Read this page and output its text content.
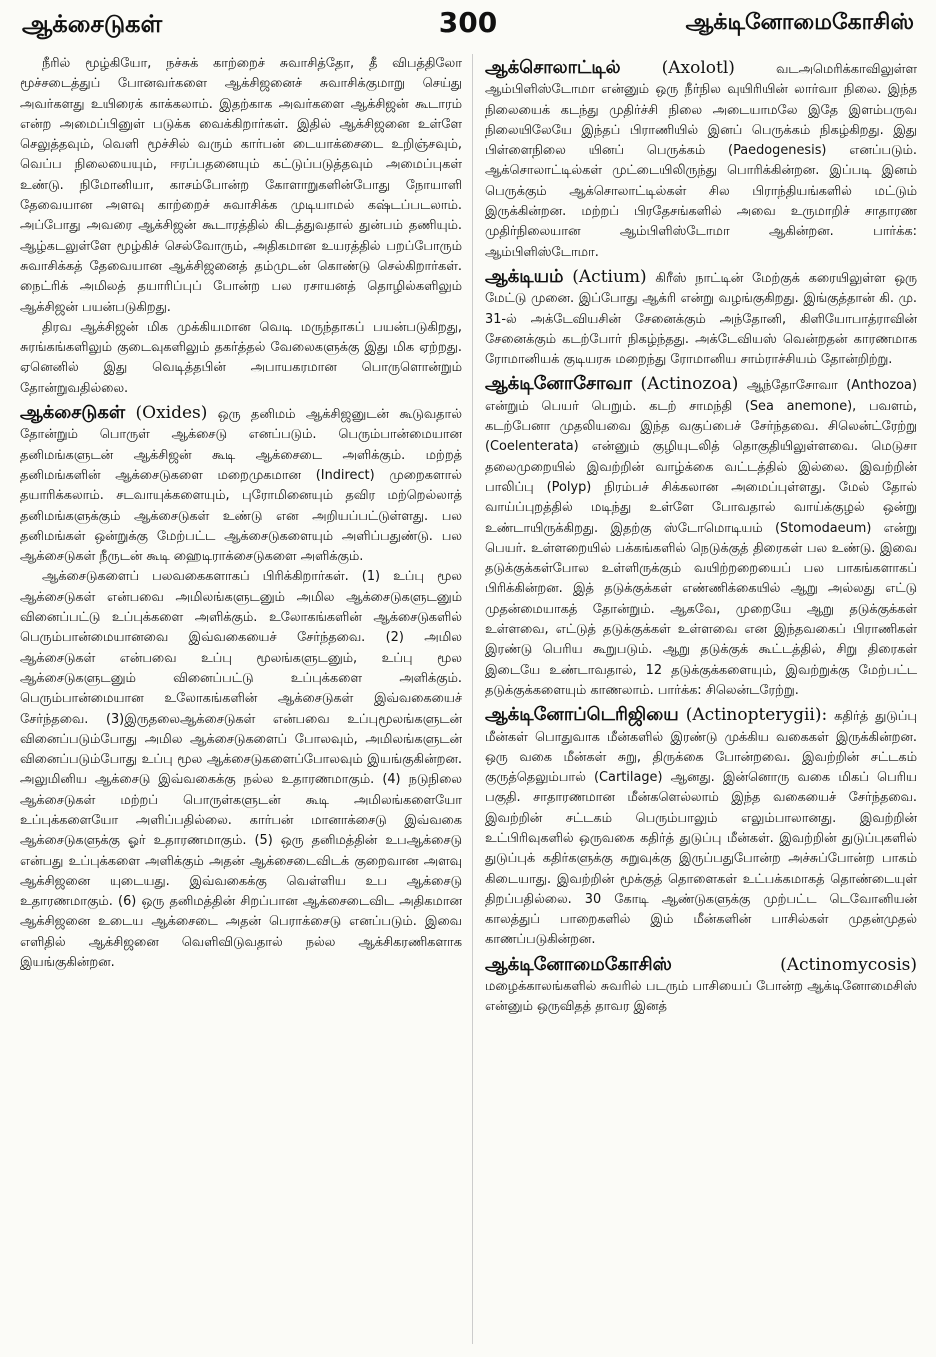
ஆக்சைடுகள்	300	ஆக்டினோமைகோசிஸ்

நீரில் மூழ்கியோ, நச்சுக் காற்றைச் சுவாசித்தோ, தீ விபத்திலோ மூச்சடைத்துப் போனவர்களை ஆக்சிஜனைச் சுவாசிக்குமாறு செய்து அவர்களது உயிரைக் காக்கலாம். இதற்காக அவர்களை ஆக்சிஜன் கூடாரம் என்ற அமைப்பினுள் படுக்க வைக்கிறார்கள். இதில் ஆக்சிஜனை உள்ளே செலுத்தவும், வெளி மூச்சில் வரும் கார்பன் டையாக்சைடை உறிஞ்சவும், வெப்ப நிலையையும், ஈரப்பதனையும் கட்டுப்படுத்தவும் அமைப்புகள் உண்டு. நிமோனியா, காசம்போன்ற கோளாறுகளின்போது நோயாளி தேவையான அளவு காற்றைச் சுவாசிக்க முடியாமல் கஷ்டப்படலாம். அப்போது அவரை ஆக்சிஜன் கூடாரத்தில் கிடத்துவதால் துன்பம் தணியும். ஆழ்கடலுள்ளே மூழ்கிச் செல்வோரும், அதிகமான உயரத்தில் பறப்போரும் சுவாசிக்கத் தேவையான ஆக்சிஜனைத் தம்முடன் கொண்டு செல்கிறார்கள். நைட்ரிக் அமிலத் தயாரிப்புப் போன்ற பல ரசாயனத் தொழில்களிலும் ஆக்சிஜன் பயன்படுகிறது.

திரவ ஆக்சிஜன் மிக முக்கியமான வெடி மருந்தாகப் பயன்படுகிறது, சுரங்கங்களிலும் குடைவுகளிலும் தகர்த்தல் வேலைகளுக்கு இது மிக ஏற்றது. ஏனெனில் இது வெடித்தபின் அபாயகரமான பொருளொன்றும் தோன்றுவதில்லை.

ஆக்சைடுகள் (Oxides) ஒரு தனிமம் ஆக்சிஜனுடன் கூடுவதால் தோன்றும் பொருள் ஆக்சைடு எனப்படும். பெரும்பான்மையான தனிமங்களுடன் ஆக்சிஜன் கூடி ஆக்சைடை அளிக்கும். மற்றத் தனிமங்களின் ஆக்சைடுகளை மறைமுகமான (Indirect) முறைகளால் தயாரிக்கலாம். சடவாயுக்களையும், புரோமினையும் தவிர மற்றெல்லாத் தனிமங்களுக்கும் ஆக்சைடுகள் உண்டு என அறியப்பட்டுள்ளது. பல தனிமங்கள் ஒன்றுக்கு மேற்பட்ட ஆக்சைடுகளையும் அளிப்பதுண்டு. பல ஆக்சைடுகள் நீருடன் கூடி ஹைடிராக்சைடுகளை அளிக்கும்.

ஆக்சைடுகளைப் பலவகைகளாகப் பிரிக்கிறார்கள். (1) உப்பு மூல ஆக்சைடுகள் என்பவை அமிலங்களுடனும் அமில ஆக்சைடுகளுடனும் வினைப்பட்டு உப்புக்களை அளிக்கும். உலோகங்களின் ஆக்சைடுகளில் பெரும்பான்மையானவை இவ்வகையைச் சேர்ந்தவை. (2) அமில ஆக்சைடுகள் என்பவை உப்பு மூலங்களுடனும், உப்பு மூல ஆக்சைடுகளுடனும் வினைப்பட்டு உப்புக்களை அளிக்கும். பெரும்பான்மையான உலோகங்களின் ஆக்சைடுகள் இவ்வகையைச் சேர்ந்தவை. (3)இருதலைஆக்சைடுகள் என்பவை உப்புமூலங்களுடன் வினைப்படும்போது அமில ஆக்சைடுகளைப் போலவும், அமிலங்களுடன் வினைப்படும்போது உப்பு மூல ஆக்சைடுகளைப்போலவும் இயங்குகின்றன. அலுமினிய ஆக்சைடு இவ்வகைக்கு நல்ல உதாரணமாகும். (4) நடுநிலை ஆக்சைடுகள் மற்றப் பொருள்களுடன் கூடி அமிலங்களையோ உப்புக்களையோ அளிப்பதில்லை. கார்பன் மானாக்சைடு இவ்வகை ஆக்சைடுகளுக்கு ஓர் உதாரணமாகும். (5) ஒரு தனிமத்தின் உபஆக்சைடு என்பது உப்புக்களை அளிக்கும் அதன் ஆக்சைடைவிடக் குறைவான அளவு ஆக்சிஜனை யுடையது. இவ்வகைக்கு வெள்ளிய உப ஆக்சைடு உதாரணமாகும். (6) ஒரு தனிமத்தின் சிறப்பான ஆக்சைடைவிட அதிகமான ஆக்சிஜனை உடைய ஆக்சைடை அதன் பெராக்சைடு எனப்படும். இவை எளிதில் ஆக்சிஜனை வெளிவிடுவதால் நல்ல ஆக்சிகரணிகளாக இயங்குகின்றன.

ஆக்சொலாட்டில் (Axolotl) வடஅமெரிக்காவிலுள்ள ஆம்பிளிஸ்டோமா என்னும் ஒரு நீர்நில வுயிரியின் லார்வா நிலை. இந்த நிலையைக் கடந்து முதிர்ச்சி நிலை அடையாமலே இதே இளம்பருவ நிலையிலேயே இந்தப் பிராணியில் இனப் பெருக்கம் நிகழ்கிறது. இது பிள்ளைநிலை யினப் பெருக்கம் (Paedogenesis) எனப்படும். ஆக்சொலாட்டில்கள் முட்டையிலிருந்து பொரிக்கின்றன. இப்படி இனம் பெருக்கும் ஆக்சொலாட்டில்கள் சில பிராந்தியங்களில் மட்டும் இருக்கின்றன. மற்றப் பிரதேசங்களில் அவை உருமாறிச் சாதாரண முதிர்நிலையான ஆம்பிளிஸ்டோமா ஆகின்றன. பார்க்க: ஆம்பிளிஸ்டோமா.

ஆக்டியம் (Actium) கிரீஸ் நாட்டின் மேற்குக் கரையிலுள்ள ஒரு மேட்டு முனை. இப்போது ஆக்ரி என்று வழங்குகிறது. இங்குத்தான் கி. மு. 31-ல் அக்டேவியசின் சேனைக்கும் அந்தோனி, கிளியோபாத்ராவின் சேனைக்கும் கடற்போர் நிகழ்ந்தது. அக்டேவியஸ் வென்றதன் காரணமாக ரோமானியக் குடியரசு மறைந்து ரோமானிய சாம்ராச்சியம் தோன்றிற்று.

ஆக்டினோசோவா (Actinozoa) ஆந்தோசோவா (Anthozoa) என்றும் பெயர் பெறும். கடற் சாமந்தி (Sea anemone), பவளம், கடற்பேனா முதலியவை இந்த வகுப்பைச் சேர்ந்தவை. சிலென்ட்ரேற்று (Coelenterata) என்னும் குழியுடலித் தொகுதியிலுள்ளவை. மெடுசா தலைமுறையில் இவற்றின் வாழ்க்கை வட்டத்தில் இல்லை. இவற்றின் பாலிப்பு (Polyp) நிரம்பச் சிக்கலான அமைப்புள்ளது. மேல் தோல் வாய்ப்புறத்தில் மடிந்து உள்ளே போவதால் வாய்க்குழல் ஒன்று உண்டாயிருக்கிறது. இதற்கு ஸ்டோமொடியம் (Stomodaeum) என்று பெயர். உள்ளறையில் பக்கங்களில் நெடுக்குத் திரைகள் பல உண்டு. இவை தடுக்குக்கள்போல உள்ளிருக்கும் வயிற்றறையைப் பல பாகங்களாகப் பிரிக்கின்றன. இத் தடுக்குக்கள் எண்ணிக்கையில் ஆறு அல்லது எட்டு முதன்மையாகத் தோன்றும். ஆகவே, முறையே ஆறு தடுக்குக்கள் உள்ளவை, எட்டுத் தடுக்குக்கள் உள்ளவை என இந்தவகைப் பிராணிகள் இரண்டு பெரிய கூறுபடும். ஆறு தடுக்குக் கூட்டத்தில், சிறு திரைகள் இடையே உண்டாவதால், 12 தடுக்குக்களையும், இவற்றுக்கு மேற்பட்ட தடுக்குக்களையும் காணலாம். பார்க்க: சிலென்டரேற்று.

ஆக்டினோப்டெரிஜியை (Actinopterygii): கதிர்த் துடுப்பு மீன்கள் பொதுவாக மீன்களில் இரண்டு முக்கிய வகைகள் இருக்கின்றன. ஒரு வகை மீன்கள் சுறு, திருக்கை போன்றவை. இவற்றின் சட்டகம் குருத்தெலும்பால் (Cartilage) ஆனது. இன்னொரு வகை மிகப் பெரிய பகுதி. சாதாரணமான மீன்களெல்லாம் இந்த வகையைச் சேர்ந்தவை. இவற்றின் சட்டகம் பெரும்பாலும் எலும்பாலானது. இவற்றின் உட்பிரிவுகளில் ஒருவகை கதிர்த் துடுப்பு மீன்கள். இவற்றின் துடுப்புகளில் துடுப்புக் கதிர்களுக்கு சுறுவுக்கு இருப்பதுபோன்ற அச்சுப்போன்ற பாகம் கிடையாது. இவற்றின் மூக்குத் தொளைகள் உட்பக்கமாகத் தொண்டையுள் திறப்பதில்லை. 30 கோடி ஆண்டுகளுக்கு முற்பட்ட டெவோனியன் காலத்துப் பாறைகளில் இம் மீன்களின் பாசில்கள் முதன்முதல் காணப்படுகின்றன.

ஆக்டினோமைகோசிஸ்	(Actinomycosis) மழைக்காலங்களில் சுவரில் படரும் பாசியைப் போன்ற ஆக்டினோமைசிஸ் என்னும் ஒருவிதத் தாவர இனத்
